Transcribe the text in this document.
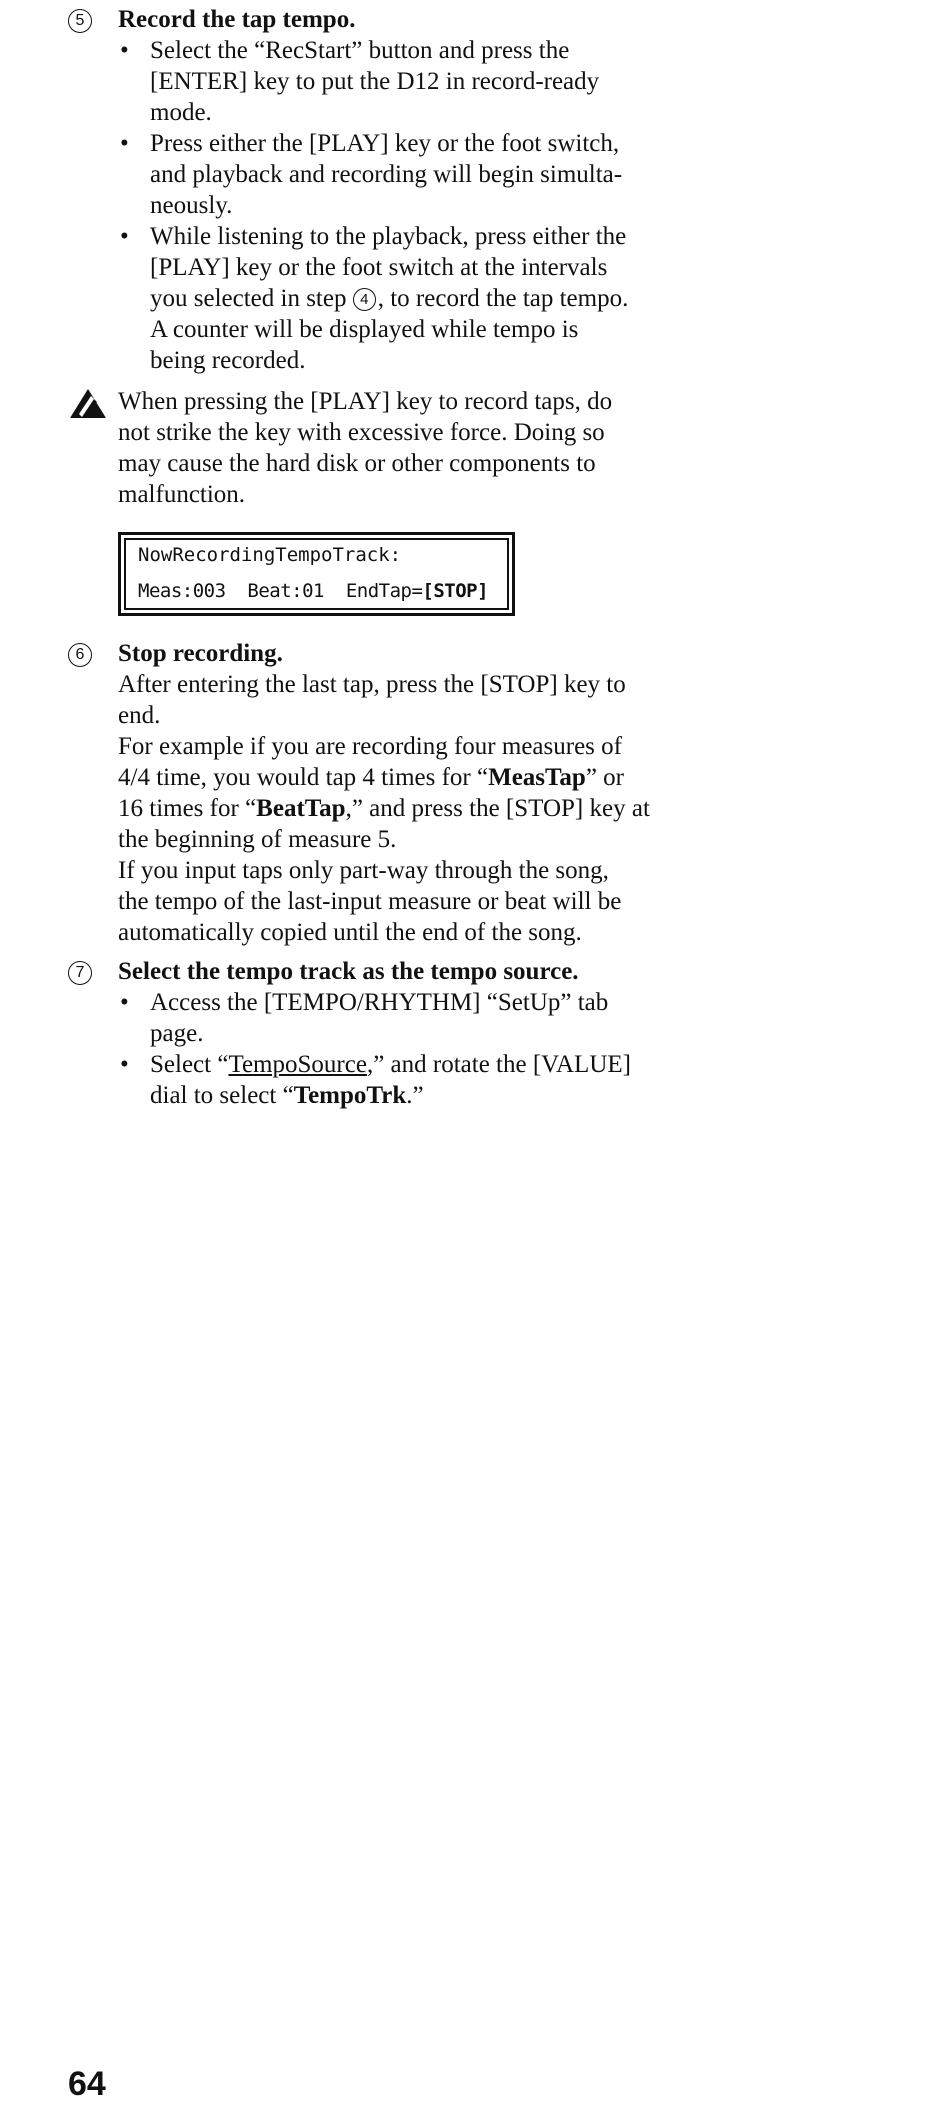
5	Record the tap tempo.
• Select the “RecStart” button and press the
[ENTER] key to put the D12 in record-ready
mode.
• Press either the [PLAY] key or the foot switch,
and playback and recording will begin simulta-
neously.
• While listening to the playback, press either the
[PLAY] key or the foot switch at the intervals
you selected in step 4 , to record the tap tempo.
A counter will be displayed while tempo is
being recorded.
When pressing the [PLAY] key to record taps, do
not strike the key with excessive force. Doing so
may cause the hard disk or other components to
malfunction.
NowRecordingTempoTrack:
Meas:003  Beat:01  EndTap=[STOP]
6	Stop recording.
After entering the last tap, press the [STOP] key to
end.
For example if you are recording four measures of
4/4 time, you would tap 4 times for “MeasTap” or
16 times for “BeatTap,” and press the [STOP] key at
the beginning of measure 5.
If you input taps only part-way through the song,
the tempo of the last-input measure or beat will be
automatically copied until the end of the song.
7	Select the tempo track as the tempo source.
• Access the [TEMPO/RHYTHM] “SetUp” tab
page.
• Select “TempoSource,” and rotate the [VALUE]
dial to select “TempoTrk.”
64
